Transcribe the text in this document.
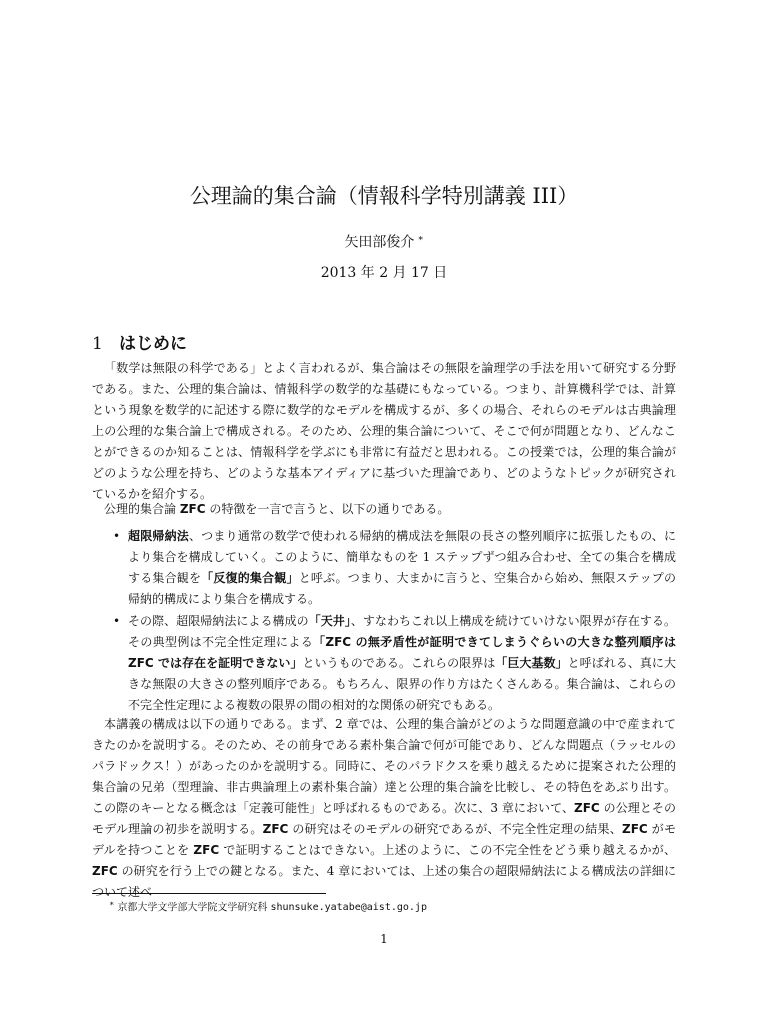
公理論的集合論（情報科学特別講義 III）
矢田部俊介 ∗
2013 年 2 月 17 日
1 はじめに
「数学は無限の科学である」とよく言われるが、集合論はその無限を論理学の手法を用いて研究する分野である。また、公理的集合論は、情報科学の数学的な基礎にもなっている。つまり、計算機科学では、計算という現象を数学的に記述する際に数学的なモデルを構成するが、多くの場合、それらのモデルは古典論理上の公理的な集合論上で構成される。そのため、公理的集合論について、そこで何が問題となり、どんなことができるのか知ることは、情報科学を学ぶにも非常に有益だと思われる。この授業では，公理的集合論がどのような公理を持ち、どのような基本アイディアに基づいた理論であり、どのようなトピックが研究されているかを紹介する。
公理的集合論 ZFC の特徴を一言で言うと、以下の通りである。
• 超限帰納法、つまり通常の数学で使われる帰納的構成法を無限の長さの整列順序に拡張したもの、により集合を構成していく。このように、簡単なものを 1 ステップずつ組み合わせ、全ての集合を構成する集合観を「反復的集合観」と呼ぶ。つまり、大まかに言うと、空集合から始め、無限ステップの帰納的構成により集合を構成する。
• その際、超限帰納法による構成の「天井」、すなわちこれ以上構成を続けていけない限界が存在する。その典型例は不完全性定理による「ZFC の無矛盾性が証明できてしまうぐらいの大きな整列順序は ZFC では存在を証明できない」というものである。これらの限界は「巨大基数」と呼ばれる、真に大きな無限の大きさの整列順序である。もちろん、限界の作り方はたくさんある。集合論は、これらの不完全性定理による複数の限界の間の相対的な関係の研究でもある。
本講義の構成は以下の通りである。まず、2 章では、公理的集合論がどのような問題意識の中で産まれてきたのかを説明する。そのため、その前身である素朴集合論で何が可能であり、どんな問題点（ラッセルのパラドックス！）があったのかを説明する。同時に、そのパラドクスを乗り越えるために提案された公理的集合論の兄弟（型理論、非古典論理上の素朴集合論）達と公理的集合論を比較し、その特色をあぶり出す。この際のキーとなる概念は「定義可能性」と呼ばれるものである。次に、3 章において、ZFC の公理とそのモデル理論の初歩を説明する。ZFC の研究はそのモデルの研究であるが、不完全性定理の結果、ZFC がモデルを持つことを ZFC で証明することはできない。上述のように、この不完全性をどう乗り越えるかが、ZFC の研究を行う上での鍵となる。また、4 章においては、上述の集合の超限帰納法による構成法の詳細について述べ
∗ 京都大学文学部大学院文学研究科 shunsuke.yatabe@aist.go.jp
1
